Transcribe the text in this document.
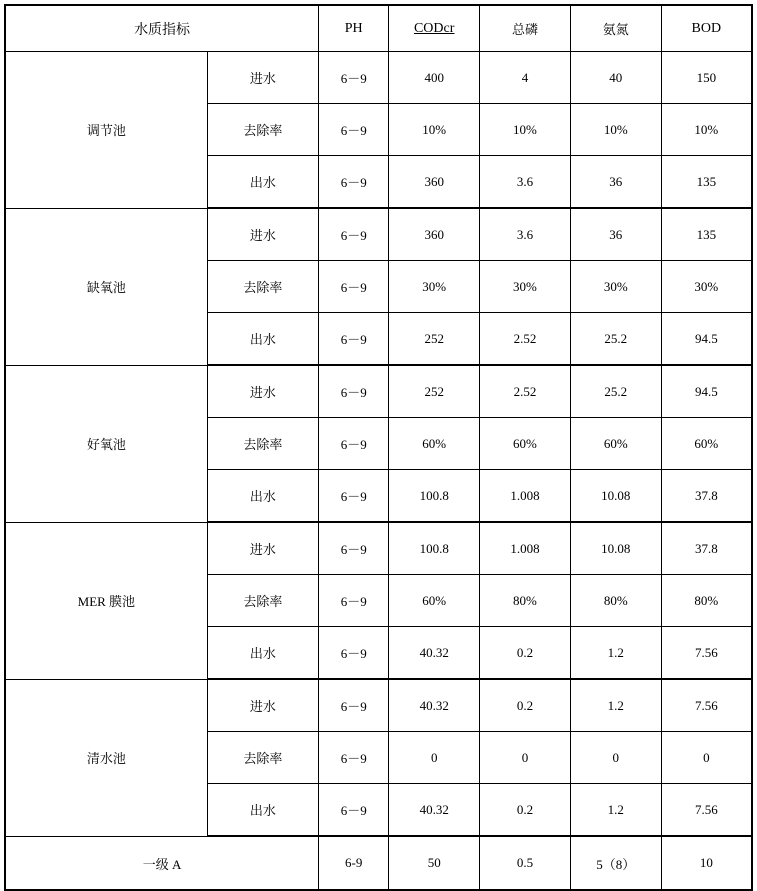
水质指标		PH	CODcr	总磷	氨氮	BOD
调节池	进水	6－9	400	4	40	150
	去除率	6－9	10%	10%	10%	10%
	出水	6－9	360	3.6	36	135
缺氧池	进水	6－9	360	3.6	36	135
	去除率	6－9	30%	30%	30%	30%
	出水	6－9	252	2.52	25.2	94.5
好氧池	进水	6－9	252	2.52	25.2	94.5
	去除率	6－9	60%	60%	60%	60%
	出水	6－9	100.8	1.008	10.08	37.8
MER 膜池	进水	6－9	100.8	1.008	10.08	37.8
	去除率	6－9	60%	80%	80%	80%
	出水	6－9	40.32	0.2	1.2	7.56
清水池	进水	6－9	40.32	0.2	1.2	7.56
	去除率	6－9	0	0	0	0
	出水	6－9	40.32	0.2	1.2	7.56
一级 A		6-9	50	0.5	5（8）	10
